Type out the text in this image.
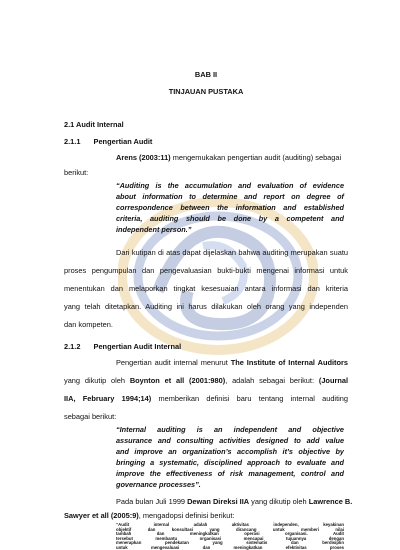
BAB II
TINJAUAN PUSTAKA
2.1 Audit Internal
2.1.1 Pengertian Audit
Arens (2003:11) mengemukakan pengertian audit (auditing) sebagai
berikut:
“Auditing is the accumulation and evaluation of evidence
about information to determine and report on degree of
correspondence between the information and established
criteria, auditing should be done by a competent and
independent person.”
Dari kutipan di atas dapat dijelaskan bahwa auditing merupakan suatu
proses pengumpulan dan pengevaluasian bukti-bukti mengenai informasi untuk
menentukan dan melaporkan tingkat kesesuaian antara informasi dan kriteria
yang telah ditetapkan. Auditing ini harus dilakukan oleh orang yang independen
dan kompeten.
2.1.2 Pengertian Audit Internal
Pengertian audit internal menurut The Institute of Internal Auditors
yang dikutip oleh Boynton et all (2001:980), adalah sebagai berikut: (Journal
IIA, February 1994;14) memberikan definisi baru tentang internal auditing
sebagai berikut:
“Internal auditing is an independent and objective
assurance and consulting activities designed to add value
and improve an organization’s accomplish it’s objective by
bringing a systematic, disciplined approach to evaluate and
improve the effectiveness of risk management, control and
governance processes”.
Pada bulan Juli 1999 Dewan Direksi IIA yang dikutip oleh Lawrence B.
Sawyer et all (2005:9), mengadopsi definisi berikut:
“Audit internal adalah aktivitas independen, keyakinan
objektif dan konsultasi yang dirancang untuk memberi nilai
tambah dan meningkatkan operasi organisasi. Audit
tersebut membantu organisasi mencapai tujuannya dengan
menerapkan pendekatan yang sistematis dan berdisiplin
untuk mengevaluasi dan meningkatkan efektivitas proses
